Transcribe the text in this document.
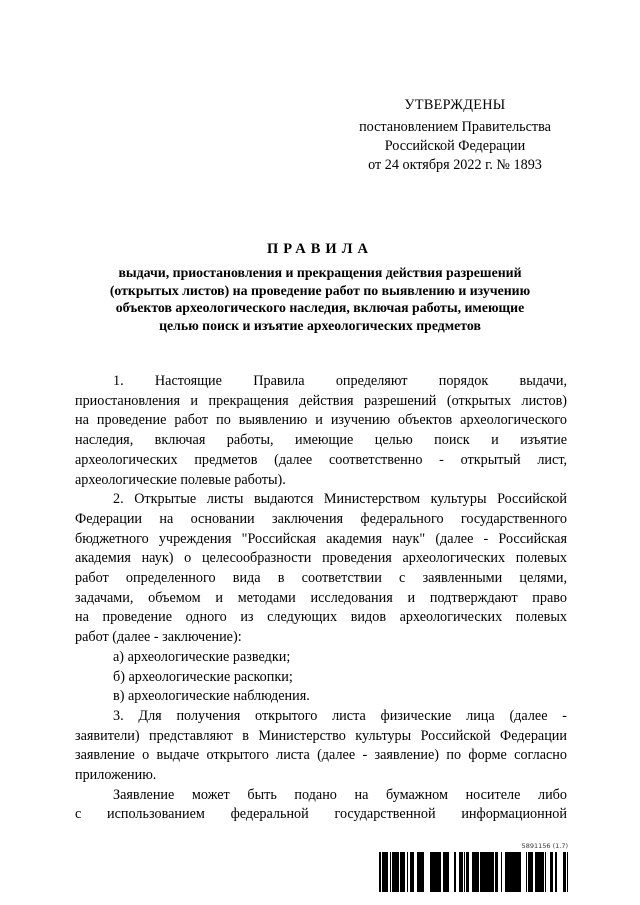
УТВЕРЖДЕНЫ
постановлением Правительства
Российской Федерации
от 24 октября 2022 г. № 1893
ПРАВИЛА
выдачи, приостановления и прекращения действия разрешений
(открытых листов) на проведение работ по выявлению и изучению
объектов археологического наследия, включая работы, имеющие
целью поиск и изъятие археологических предметов
1. Настоящие Правила определяют порядок выдачи,
приостановления и прекращения действия разрешений (открытых листов)
на проведение работ по выявлению и изучению объектов археологического
наследия, включая работы, имеющие целью поиск и изъятие
археологических предметов (далее соответственно - открытый лист,
археологические полевые работы).
2. Открытые листы выдаются Министерством культуры Российской
Федерации на основании заключения федерального государственного
бюджетного учреждения "Российская академия наук" (далее - Российская
академия наук) о целесообразности проведения археологических полевых
работ определенного вида в соответствии с заявленными целями,
задачами, объемом и методами исследования и подтверждают право
на проведение одного из следующих видов археологических полевых
работ (далее - заключение):
а) археологические разведки;
б) археологические раскопки;
в) археологические наблюдения.
3. Для получения открытого листа физические лица (далее -
заявители) представляют в Министерство культуры Российской Федерации
заявление о выдаче открытого листа (далее - заявление) по форме согласно
приложению.
Заявление может быть подано на бумажном носителе либо
с использованием федеральной государственной информационной
5891156 (1.7)
